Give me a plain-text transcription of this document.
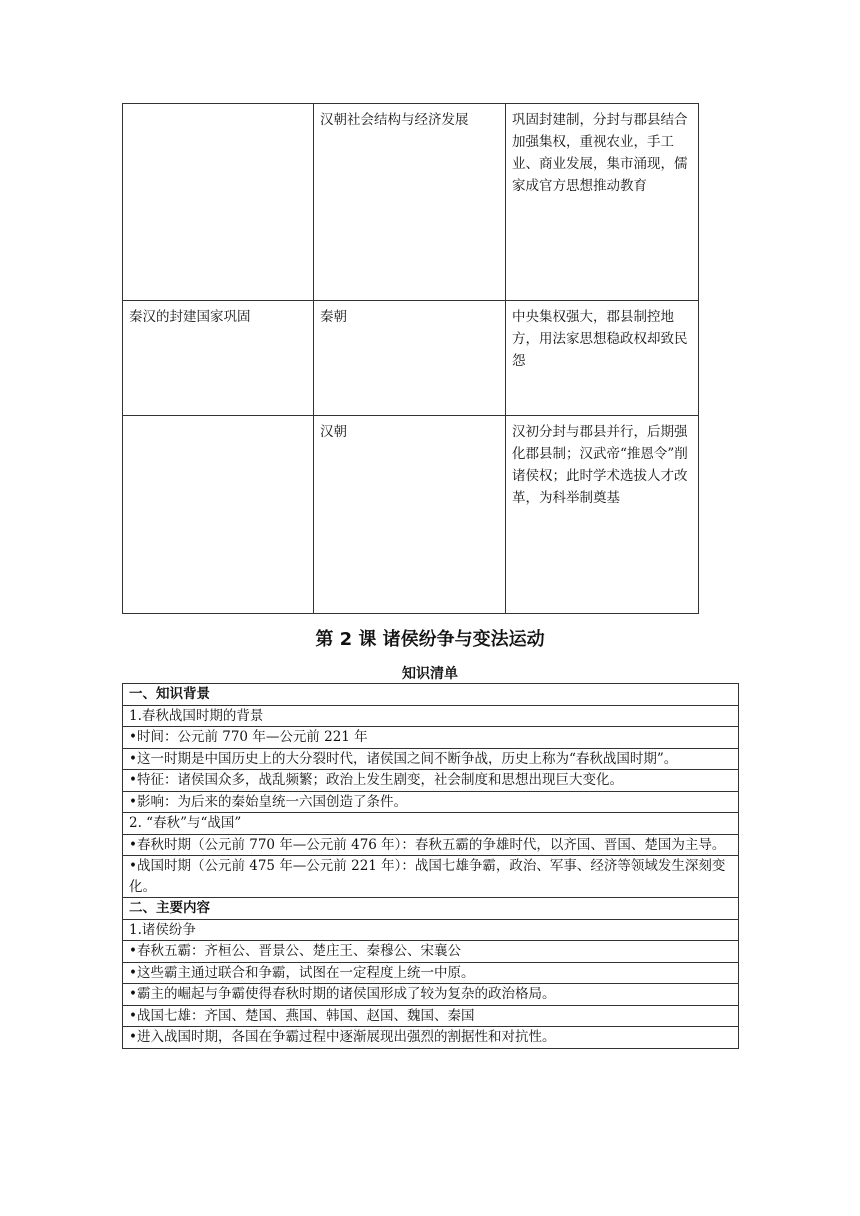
	汉朝社会结构与经济发展	巩固封建制，分封与郡县结合加强集权，重视农业，手工业、商业发展，集市涌现，儒家成官方思想推动教育
秦汉的封建国家巩固	秦朝	中央集权强大，郡县制控地方，用法家思想稳政权却致民怨
	汉朝	汉初分封与郡县并行，后期强化郡县制；汉武帝“推恩令”削诸侯权；此时学术选拔人才改革，为科举制奠基
第 2 课 诸侯纷争与变法运动
知识清单
一、知识背景
1.春秋战国时期的背景
•时间：公元前 770 年—公元前 221 年
•这一时期是中国历史上的大分裂时代，诸侯国之间不断争战，历史上称为“春秋战国时期”。
•特征：诸侯国众多，战乱频繁；政治上发生剧变，社会制度和思想出现巨大变化。
•影响：为后来的秦始皇统一六国创造了条件。
2. “春秋”与“战国”
•春秋时期（公元前 770 年—公元前 476 年）：春秋五霸的争雄时代，以齐国、晋国、楚国为主导。
•战国时期（公元前 475 年—公元前 221 年）：战国七雄争霸，政治、军事、经济等领域发生深刻变化。
二、主要内容
1.诸侯纷争
•春秋五霸：齐桓公、晋景公、楚庄王、秦穆公、宋襄公
•这些霸主通过联合和争霸，试图在一定程度上统一中原。
•霸主的崛起与争霸使得春秋时期的诸侯国形成了较为复杂的政治格局。
•战国七雄：齐国、楚国、燕国、韩国、赵国、魏国、秦国
•进入战国时期，各国在争霸过程中逐渐展现出强烈的割据性和对抗性。
